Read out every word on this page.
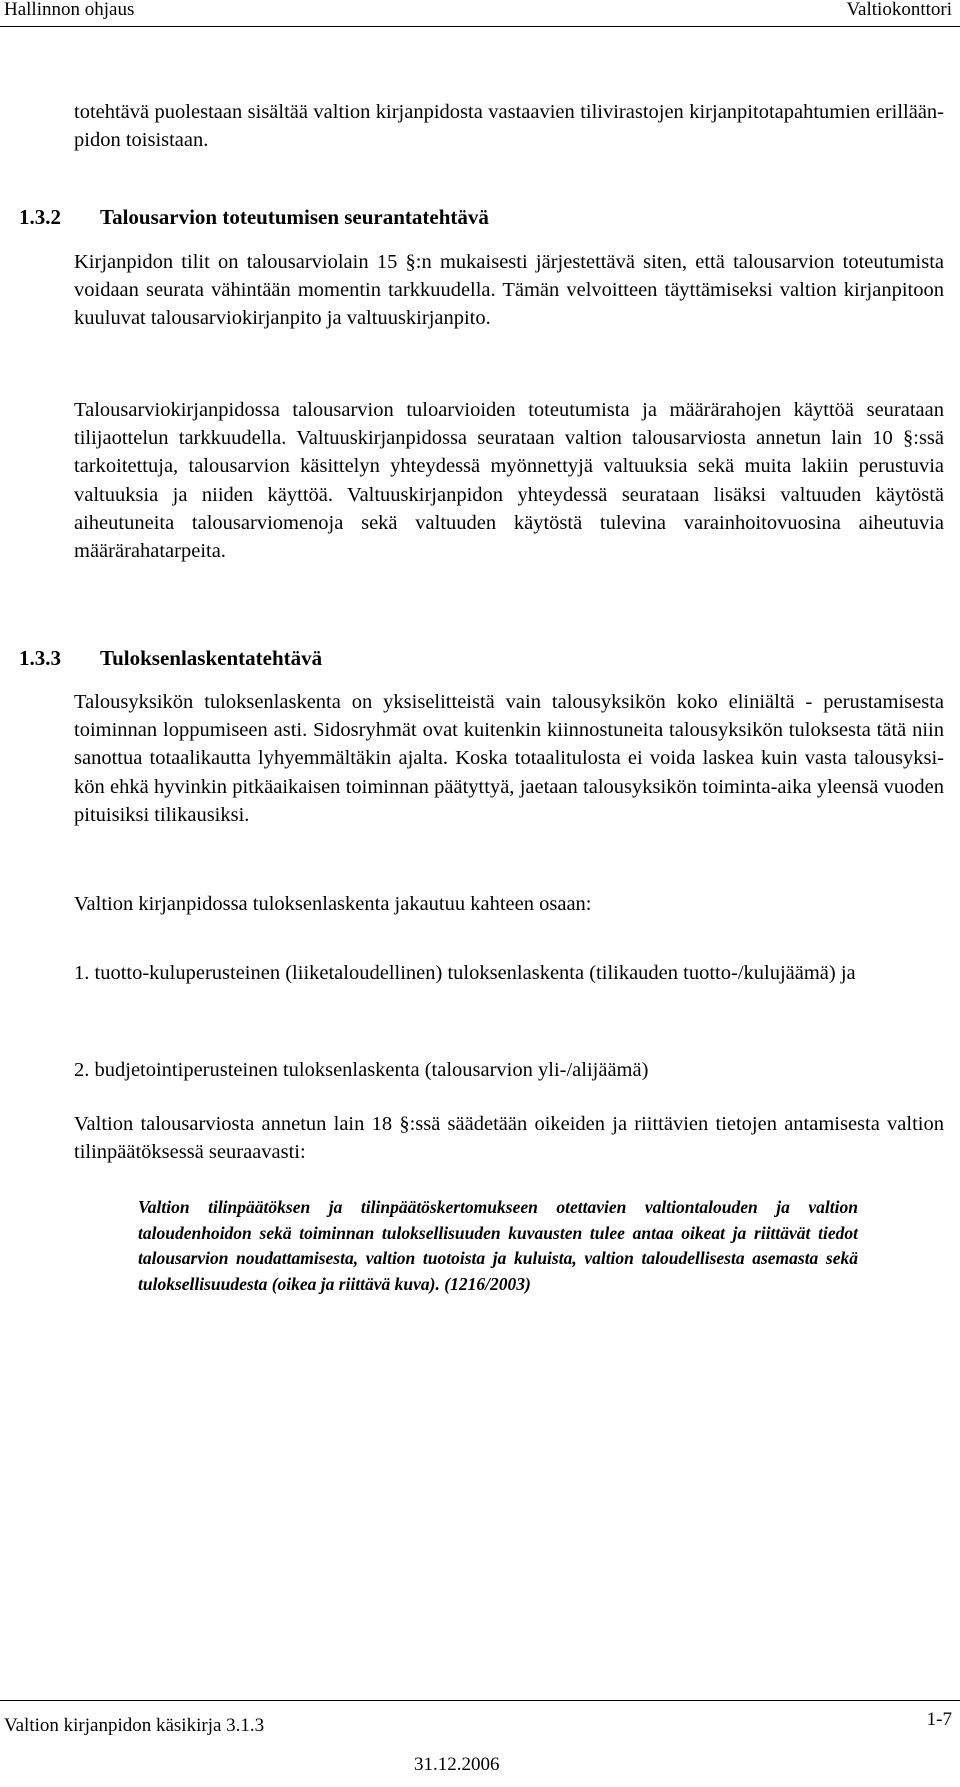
Hallinnon ohjaus	Valtiokonttori
totehtävä puolestaan sisältää valtion kirjanpidosta vastaavien tilivirastojen kirjanpitotapahtumien erilläänpidon toisistaan.
1.3.2 Talousarvion toteutumisen seurantatehtävä
Kirjanpidon tilit on talousarviolain 15 §:n mukaisesti järjestettävä siten, että talousarvion toteutumista voidaan seurata vähintään momentin tarkkuudella. Tämän velvoitteen täyttämiseksi valtion kirjanpitoon kuuluvat talousarviokirjanpito ja valtuuskirjanpito.
Talousarviokirjanpidossa talousarvion tuloarvioiden toteutumista ja määrärahojen käyttöä seurataan tilijaottelun tarkkuudella. Valtuuskirjanpidossa seurataan valtion talousarviosta annetun lain 10 §:ssä tarkoitettuja, talousarvion käsittelyn yhteydessä myönnettyjä valtuuksia sekä muita lakiin perustuvia valtuuksia ja niiden käyttöä. Valtuuskirjanpidon yhteydessä seurataan lisäksi valtuuden käytöstä aiheutuneita talousarviomenoja sekä valtuuden käytöstä tulevina varainhoitovuosina aiheutuvia määrärahatarpeita.
1.3.3 Tuloksenlaskentatehtävä
Talousyksikön tuloksenlaskenta on yksiselitteistä vain talousyksikön koko eliniältä - perustamisesta toiminnan loppumiseen asti. Sidosryhmät ovat kuitenkin kiinnostuneita talousyksikön tuloksesta tätä niin sanottua totaalikautta lyhyemmältäkin ajalta. Koska totaalitulosta ei voida laskea kuin vasta talousyksikön ehkä hyvinkin pitkäaikaisen toiminnan päätyttyä, jaetaan talousyksikön toiminta-aika yleensä vuoden pituisiksi tilikausiksi.
Valtion kirjanpidossa tuloksenlaskenta jakautuu kahteen osaan:
1. tuotto-kuluperusteinen (liiketaloudellinen) tuloksenlaskenta (tilikauden tuotto-/kulujäämä) ja
2. budjetointiperusteinen tuloksenlaskenta (talousarvion yli-/alijäämä)
Valtion talousarviosta annetun lain 18 §:ssä säädetään oikeiden ja riittävien tietojen antamisesta valtion tilinpäätöksessä seuraavasti:
Valtion tilinpäätöksen ja tilinpäätöskertomukseen otettavien valtiontalouden ja valtion taloudenhoidon sekä toiminnan tuloksellisuuden kuvausten tulee antaa oikeat ja riittävät tiedot talousarvion noudattamisesta, valtion tuotoista ja kuluista, valtion taloudellisesta asemasta sekä tuloksellisuudesta (oikea ja riittävä kuva). (1216/2003)
Valtion kirjanpidon käsikirja 3.1.3	1-7
31.12.2006
